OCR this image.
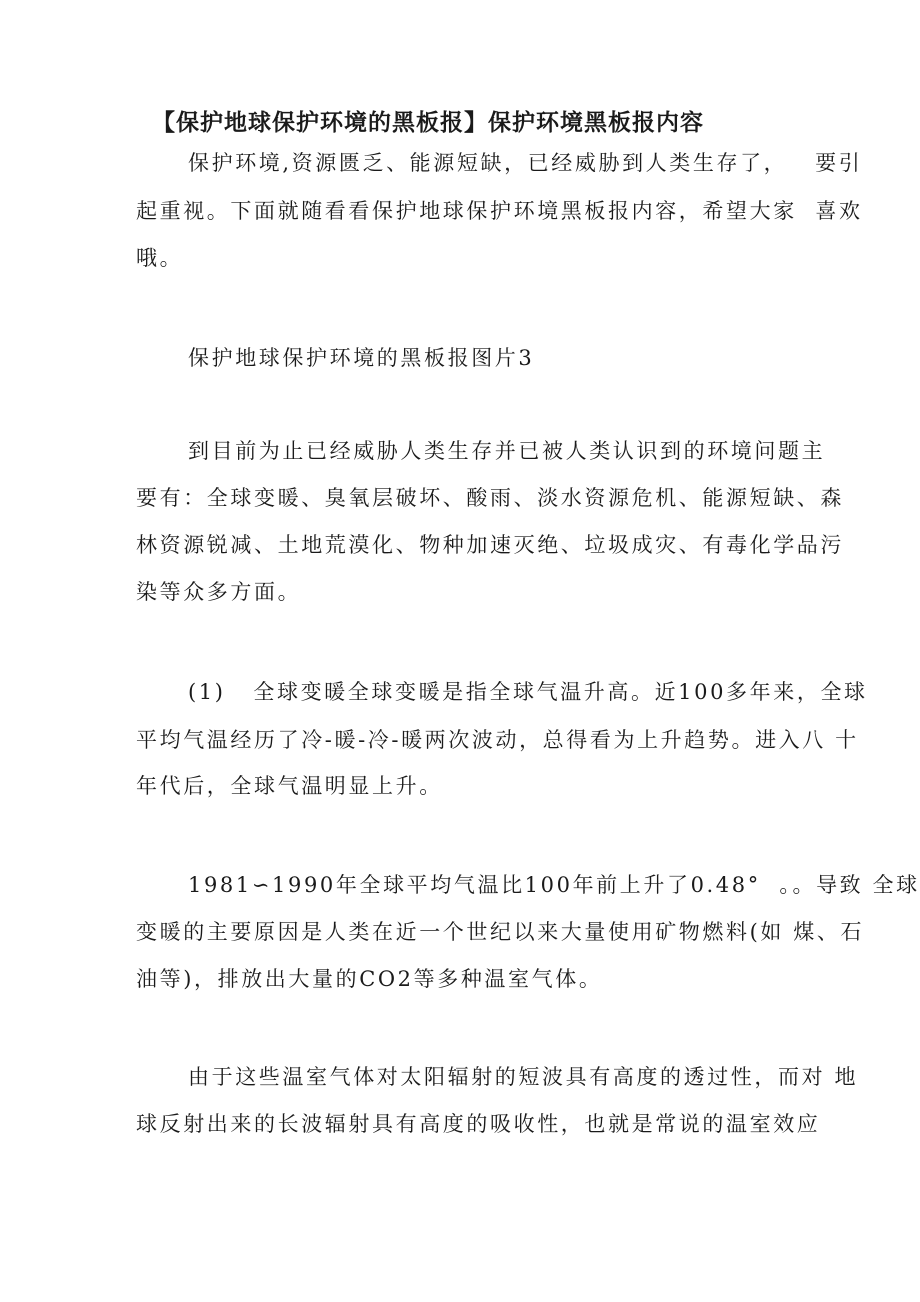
【保护地球保护环境的黑板报】保护环境黑板报内容
保护环境,资源匮乏、能源短缺，已经威胁到人类生存了，   要引
起重视。下面就随看看保护地球保护环境黑板报内容，希望大家  喜欢
哦。
保护地球保护环境的黑板报图片3
到目前为止已经威胁人类生存并已被人类认识到的环境问题主
要有：全球变暖、臭氧层破坏、酸雨、淡水资源危机、能源短缺、森
林资源锐减、土地荒漠化、物种加速灭绝、垃圾成灾、有毒化学品污
染等众多方面。
(1)   全球变暖全球变暖是指全球气温升高。近100多年来，全球
平均气温经历了冷-暖-冷-暖两次波动，总得看为上升趋势。进入八 十
年代后，全球气温明显上升。
1981∽1990年全球平均气温比100年前上升了0.48°  。。导致 全球
变暖的主要原因是人类在近一个世纪以来大量使用矿物燃料(如 煤、石
油等)，排放出大量的CO2等多种温室气体。
由于这些温室气体对太阳辐射的短波具有高度的透过性，而对 地
球反射出来的长波辐射具有高度的吸收性，也就是常说的温室效应
